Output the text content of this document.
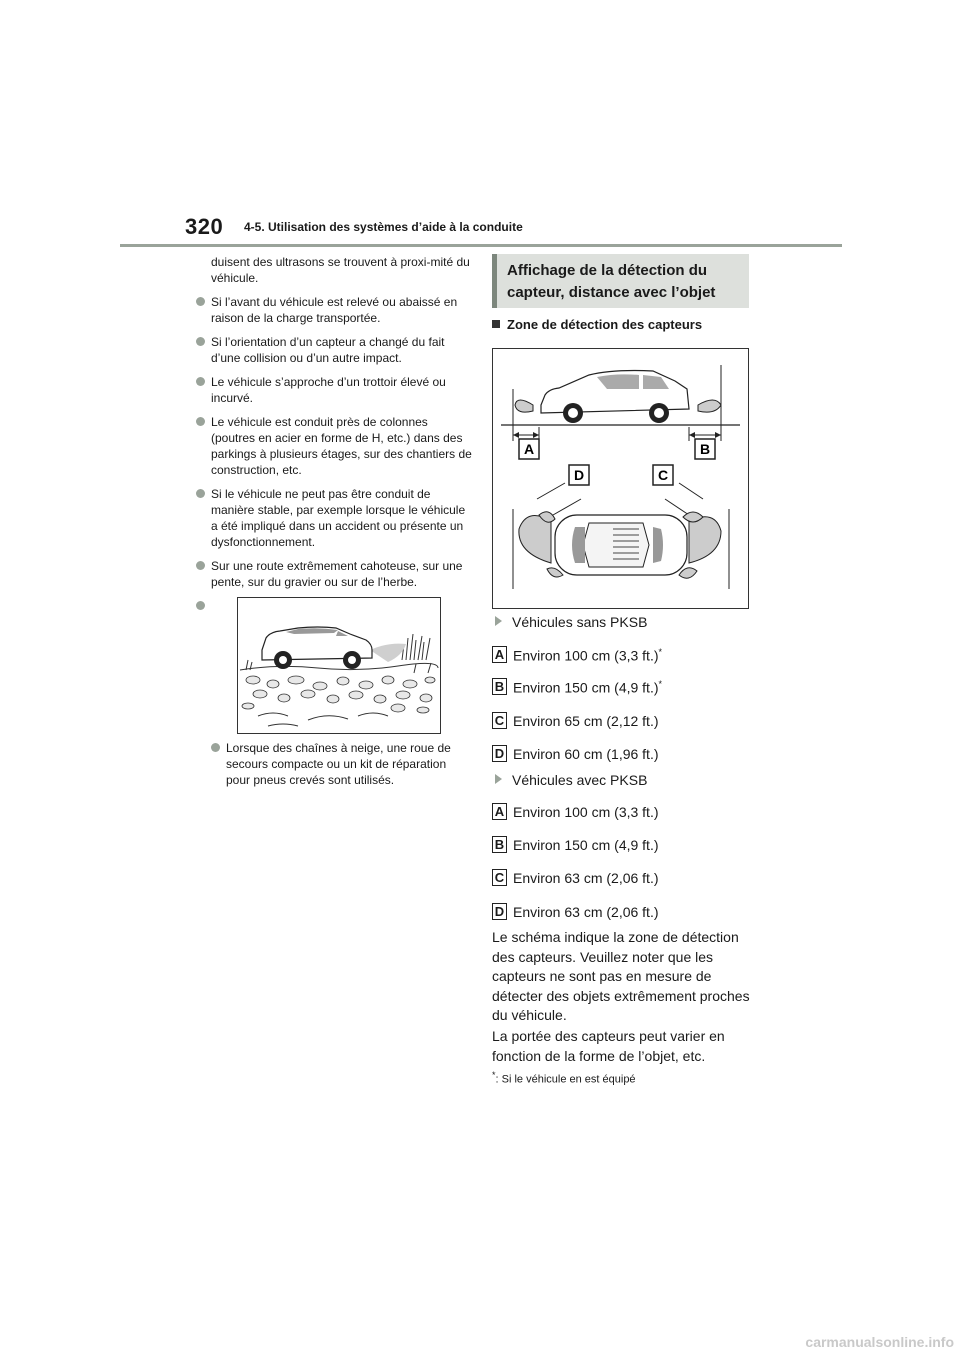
320 4-5. Utilisation des systèmes d’aide à la conduite

duisent des ultrasons se trouvent à proxi-mité du véhicule.

Si l’avant du véhicule est relevé ou abaissé en raison de la charge transportée.
Si l’orientation d’un capteur a changé du fait d’une collision ou d’un autre impact.
Le véhicule s’approche d’un trottoir élevé ou incurvé.
Le véhicule est conduit près de colonnes (poutres en acier en forme de H, etc.) dans des parkings à plusieurs étages, sur des chantiers de construction, etc.
Si le véhicule ne peut pas être conduit de manière stable, par exemple lorsque le véhicule a été impliqué dans un accident ou présente un dysfonctionnement.
Sur une route extrêmement cahoteuse, sur une pente, sur du gravier ou sur de l’herbe.
Lorsque des chaînes à neige, une roue de secours compacte ou un kit de réparation pour pneus crevés sont utilisés.
Affichage de la détection du
capteur, distance avec l’objet
Zone de détection des capteurs
A	B
D	C
Véhicules sans PKSB
A Environ 100 cm (3,3 ft.)*
B Environ 150 cm (4,9 ft.)*
C Environ 65 cm (2,12 ft.)
D Environ 60 cm (1,96 ft.)
Véhicules avec PKSB
A Environ 100 cm (3,3 ft.)
B Environ 150 cm (4,9 ft.)
C Environ 63 cm (2,06 ft.)
D Environ 63 cm (2,06 ft.)
Le schéma indique la zone de détection des capteurs. Veuillez noter que les capteurs ne sont pas en mesure de détecter des objets extrêmement proches du véhicule.
La portée des capteurs peut varier en fonction de la forme de l’objet, etc.
*: Si le véhicule en est équipé
carmanualsonline.info
